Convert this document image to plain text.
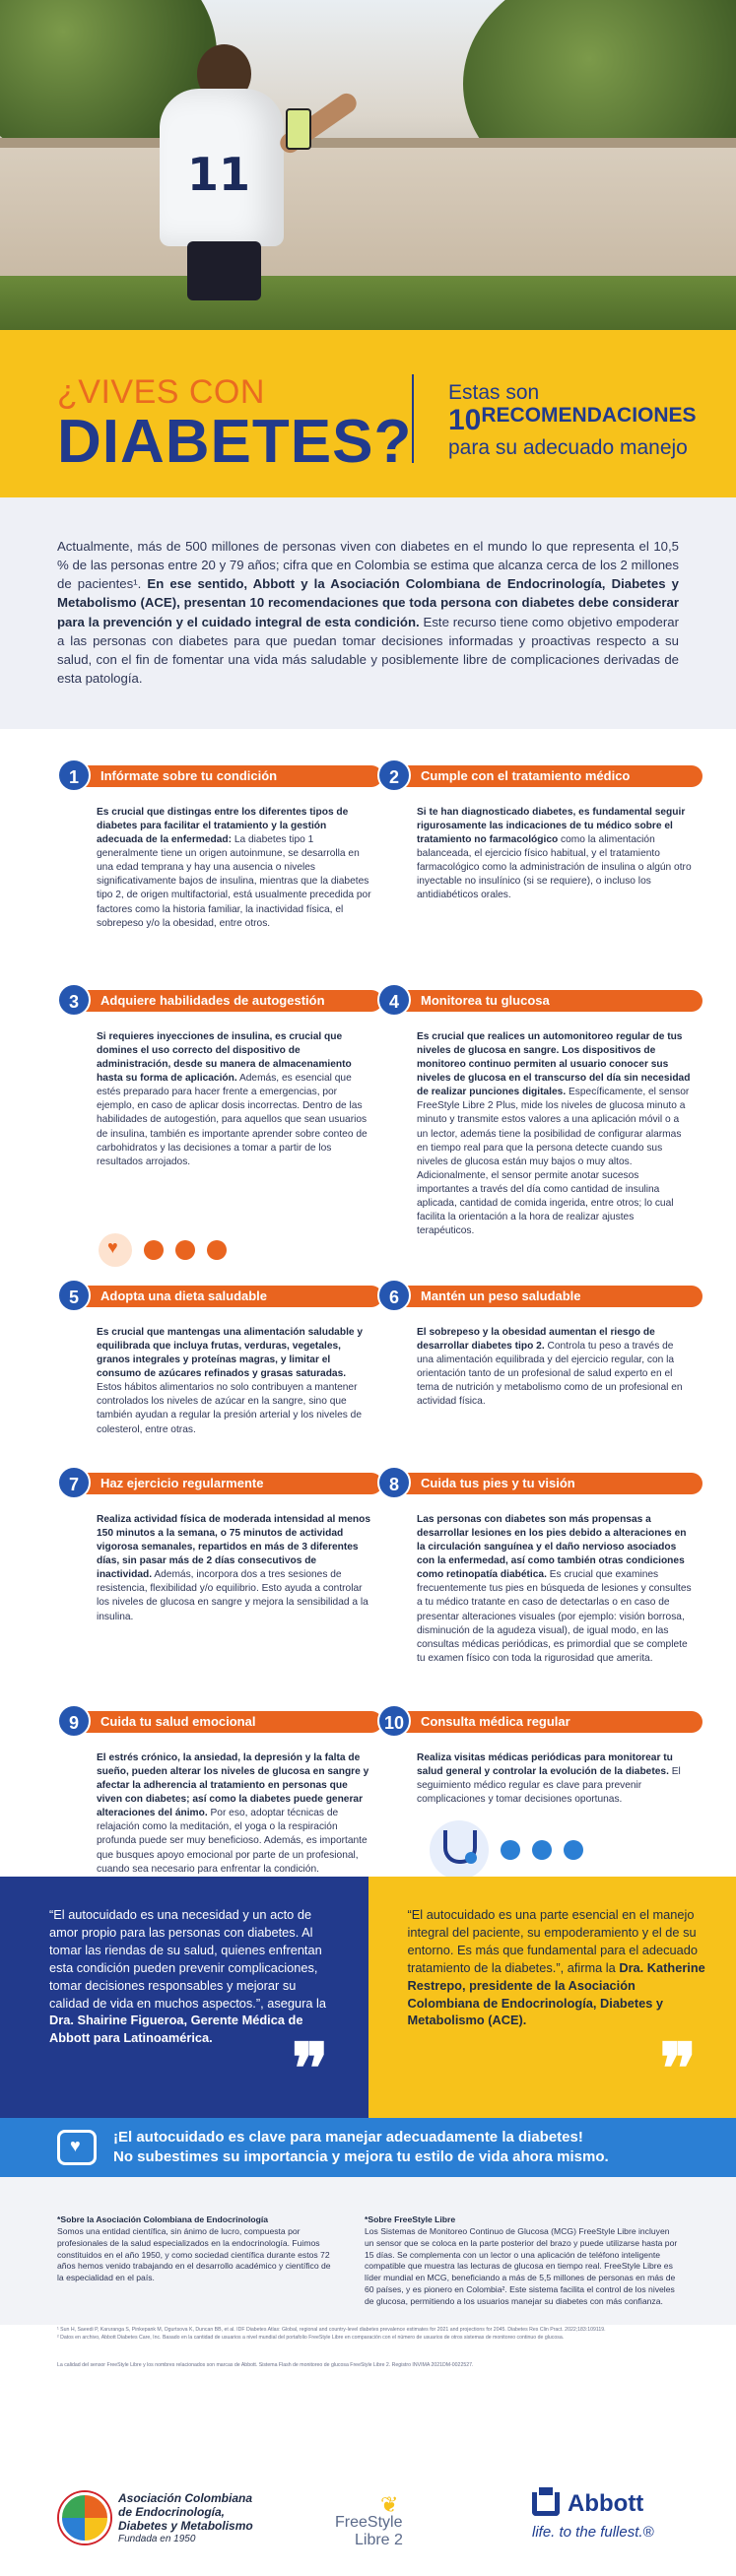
11
¿VIVES CON
DIABETES?
Estas son
10 RECOMENDACIONES
para su adecuado manejo
Actualmente, más de 500 millones de personas viven con diabetes en el mundo lo que representa el 10,5 % de las personas entre 20 y 79 años; cifra que en Colombia se estima que alcanza cerca de los 2 millones de pacientes¹. En ese sentido, Abbott y la Asociación Colombiana de Endocrinología, Diabetes y Metabolismo (ACE), presentan 10 recomendaciones que toda persona con diabetes debe considerar para la prevención y el cuidado integral de esta condición. Este recurso tiene como objetivo empoderar a las personas con diabetes para que puedan tomar decisiones informadas y proactivas respecto a su salud, con el fin de fomentar una vida más saludable y posiblemente libre de complicaciones derivadas de esta patología.
Infórmate sobre tu condición
1
Es crucial que distingas entre los diferentes tipos de diabetes para facilitar el tratamiento y la gestión adecuada de la enfermedad: La diabetes tipo 1 generalmente tiene un origen autoinmune, se desarrolla en una edad temprana y hay una ausencia o niveles significativamente bajos de insulina, mientras que la diabetes tipo 2, de origen multifactorial, está usualmente precedida por factores como la historia familiar, la inactividad física, el sobrepeso y/o la obesidad, entre otros.
Cumple con el tratamiento médico
2
Si te han diagnosticado diabetes, es fundamental seguir rigurosamente las indicaciones de tu médico sobre el tratamiento no farmacológico como la alimentación balanceada, el ejercicio físico habitual, y el tratamiento farmacológico como la administración de insulina o algún otro inyectable no insulínico (si se requiere), o incluso los antidiabéticos orales.
Adquiere habilidades de autogestión
3
Si requieres inyecciones de insulina, es crucial que domines el uso correcto del dispositivo de administración, desde su manera de almacenamiento hasta su forma de aplicación. Además, es esencial que estés preparado para hacer frente a emergencias, por ejemplo, en caso de aplicar dosis incorrectas. Dentro de las habilidades de autogestión, para aquellos que sean usuarios de insulina, también es importante aprender sobre conteo de carbohidratos y las decisiones a tomar a partir de los resultados arrojados.
♥
Monitorea tu glucosa
4
Es crucial que realices un automonitoreo regular de tus niveles de glucosa en sangre. Los dispositivos de monitoreo continuo permiten al usuario conocer sus niveles de glucosa en el transcurso del día sin necesidad de realizar punciones digitales. Específicamente, el sensor FreeStyle Libre 2 Plus, mide los niveles de glucosa minuto a minuto y transmite estos valores a una aplicación móvil o a un lector, además tiene la posibilidad de configurar alarmas en tiempo real para que la persona detecte cuando sus niveles de glucosa están muy bajos o muy altos. Adicionalmente, el sensor permite anotar sucesos importantes a través del día como cantidad de insulina aplicada, cantidad de comida ingerida, entre otros; lo cual facilita la orientación a la hora de realizar ajustes terapéuticos.
Adopta una dieta saludable
5
Es crucial que mantengas una alimentación saludable y equilibrada que incluya frutas, verduras, vegetales, granos integrales y proteínas magras, y limitar el consumo de azúcares refinados y grasas saturadas. Estos hábitos alimentarios no solo contribuyen a mantener controlados los niveles de azúcar en la sangre, sino que también ayudan a regular la presión arterial y los niveles de colesterol, entre otras.
Mantén un peso saludable
6
El sobrepeso y la obesidad aumentan el riesgo de desarrollar diabetes tipo 2. Controla tu peso a través de una alimentación equilibrada y del ejercicio regular, con la orientación tanto de un profesional de salud experto en el tema de nutrición y metabolismo como de un profesional en actividad física.
Haz ejercicio regularmente
7
Realiza actividad física de moderada intensidad al menos 150 minutos a la semana, o 75 minutos de actividad vigorosa semanales, repartidos en más de 3 diferentes días, sin pasar más de 2 días consecutivos de inactividad. Además, incorpora dos a tres sesiones de resistencia, flexibilidad y/o equilibrio. Esto ayuda a controlar los niveles de glucosa en sangre y mejora la sensibilidad a la insulina.
Cuida tus pies y tu visión
8
Las personas con diabetes son más propensas a desarrollar lesiones en los pies debido a alteraciones en la circulación sanguínea y el daño nervioso asociados con la enfermedad, así como también otras condiciones como retinopatía diabética. Es crucial que examines frecuentemente tus pies en búsqueda de lesiones y consultes a tu médico tratante en caso de detectarlas o en caso de presentar alteraciones visuales (por ejemplo: visión borrosa, disminución de la agudeza visual), de igual modo, en las consultas médicas periódicas, es primordial que se complete tu examen físico con toda la rigurosidad que amerita.
Cuida tu salud emocional
9
El estrés crónico, la ansiedad, la depresión y la falta de sueño, pueden alterar los niveles de glucosa en sangre y afectar la adherencia al tratamiento en personas que viven con diabetes; así como la diabetes puede generar alteraciones del ánimo. Por eso, adoptar técnicas de relajación como la meditación, el yoga o la respiración profunda puede ser muy beneficioso. Además, es importante que busques apoyo emocional por parte de un profesional, cuando sea necesario para enfrentar la condición.
Consulta médica regular
10
Realiza visitas médicas periódicas para monitorear tu salud general y controlar la evolución de la diabetes. El seguimiento médico regular es clave para prevenir complicaciones y tomar decisiones oportunas.
“El autocuidado es una necesidad y un acto de amor propio para las personas con diabetes. Al tomar las riendas de su salud, quienes enfrentan esta condición pueden prevenir complicaciones, tomar decisiones responsables y mejorar su calidad de vida en muchos aspectos.”, asegura la Dra. Shairine Figueroa, Gerente Médica de Abbott para Latinoamérica. ❞
“El autocuidado es una parte esencial en el manejo integral del paciente, su empoderamiento y el de su entorno. Es más que fundamental para el adecuado tratamiento de la diabetes.”, afirma la Dra. Katherine Restrepo, presidente de la Asociación Colombiana de Endocrinología, Diabetes y Metabolismo (ACE).
❞
♥
¡El autocuidado es clave para manejar adecuadamente la diabetes!
No subestimes su importancia y mejora tu estilo de vida ahora mismo.
*Sobre la Asociación Colombiana de Endocrinología
Somos una entidad científica, sin ánimo de lucro, compuesta por profesionales de la salud especializados en la endocrinología. Fuimos constituidos en el año 1950, y como sociedad científica durante estos 72 años hemos venido trabajando en el desarrollo académico y científico de la especialidad en el país.
*Sobre FreeStyle Libre
Los Sistemas de Monitoreo Continuo de Glucosa (MCG) FreeStyle Libre incluyen un sensor que se coloca en la parte posterior del brazo y puede utilizarse hasta por 15 días. Se complementa con un lector o una aplicación de teléfono inteligente compatible que muestra las lecturas de glucosa en tiempo real. FreeStyle Libre es líder mundial en MCG, beneficiando a más de 5,5 millones de personas en más de 60 países, y es pionero en Colombia². Este sistema facilita el control de los niveles de glucosa, permitiendo a los usuarios manejar su diabetes con más confianza.
¹ Sun H, Saeedi P, Karuranga S, Pinkepank M, Ogurtsova K, Duncan BB, et al. IDF Diabetes Atlas: Global, regional and country-level diabetes prevalence estimates for 2021 and projections for 2045. Diabetes Res Clin Pract. 2022;183:109119.
² Datos en archivo, Abbott Diabetes Care, Inc. Basado en la cantidad de usuarios a nivel mundial del portafolio FreeStyle Libre en comparación con el número de usuarios de otros sistemas de monitoreo continuo de glucosa.
La calidad del sensor FreeStyle Libre y los nombres relacionados son marcas de Abbott. Sistema Flash de monitoreo de glucosa FreeStyle Libre 2. Registro INVIMA 2021DM-0022527.
Asociación Colombiana
de Endocrinología,
Diabetes y Metabolismo
Fundada en 1950
❦
FreeStyle
Libre 2
Abbott
life. to the fullest.®
